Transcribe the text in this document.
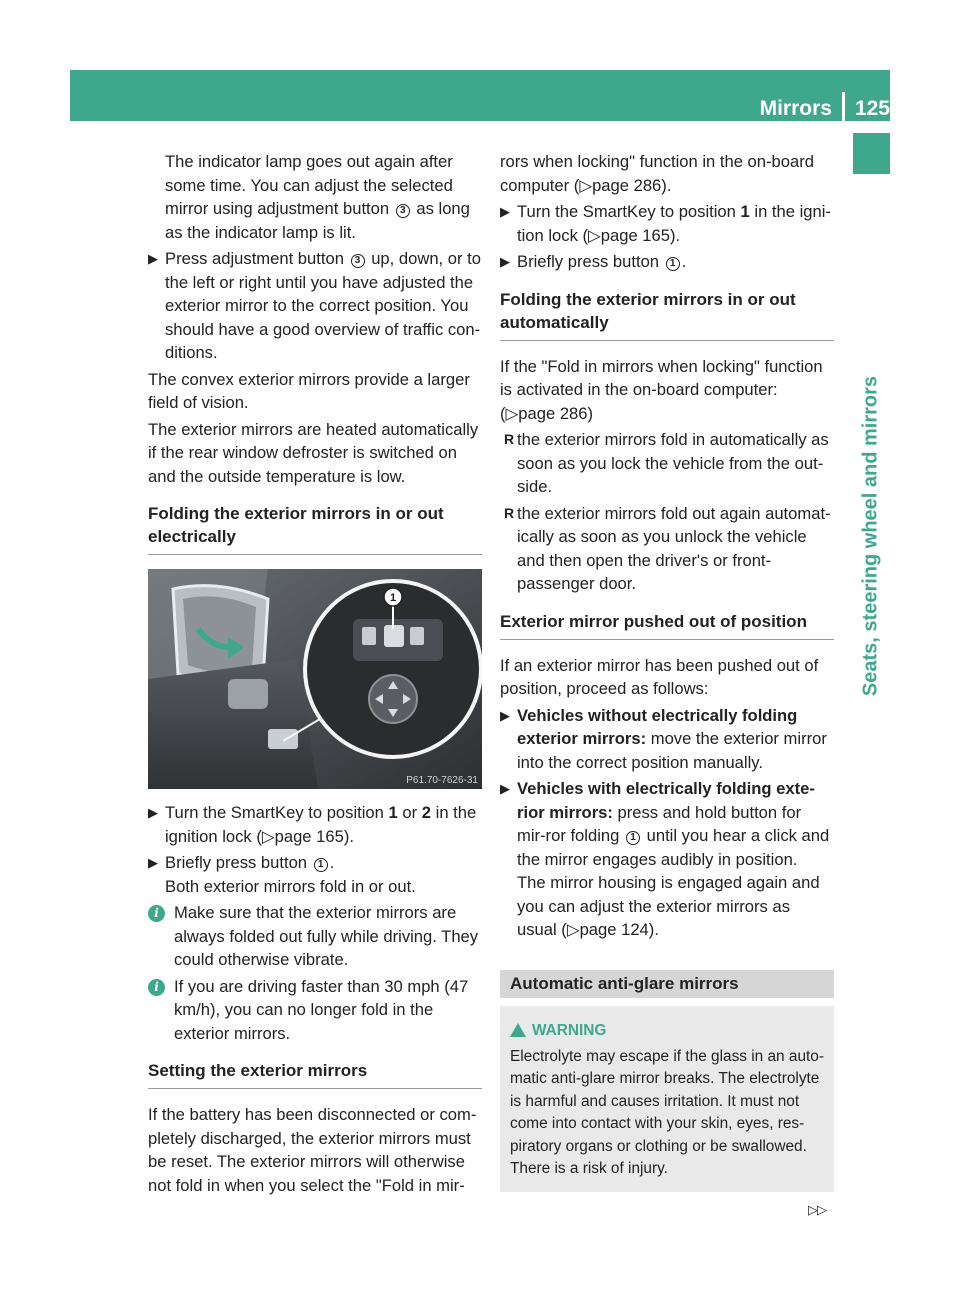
Mirrors 125
Seats, steering wheel and mirrors

The indicator lamp goes out again after some time. You can adjust the selected mirror using adjustment button 3 as long as the indicator lamp is lit.

▶ Press adjustment button 3 up, down, or to the left or right until you have adjusted the exterior mirror to the correct position. You should have a good overview of traffic con-ditions.

The convex exterior mirrors provide a larger field of vision.

The exterior mirrors are heated automatically if the rear window defroster is switched on and the outside temperature is low.

Folding the exterior mirrors in or out electrically
1
P61.70-7626-31
▶ Turn the SmartKey to position 1 or 2 in the ignition lock (▷page 165).
▶ Briefly press button 1 .
Both exterior mirrors fold in or out.
i Make sure that the exterior mirrors are always folded out fully while driving. They could otherwise vibrate.
i If you are driving faster than 30 mph (47 km/h), you can no longer fold in the exterior mirrors.
Setting the exterior mirrors

If the battery has been disconnected or com-pletely discharged, the exterior mirrors must be reset. The exterior mirrors will otherwise not fold in when you select the "Fold in mir-

rors when locking" function in the on-board computer (▷page 286).

▶ Turn the SmartKey to position 1 in the igni-tion lock (▷page 165).
▶ Briefly press button 1 .
Folding the exterior mirrors in or out automatically

If the "Fold in mirrors when locking" function is activated in the on-board computer:
(▷page 286)

R the exterior mirrors fold in automatically as soon as you lock the vehicle from the out-side.
R the exterior mirrors fold out again automat-ically as soon as you unlock the vehicle and then open the driver's or front-passenger door.
Exterior mirror pushed out of position

If an exterior mirror has been pushed out of position, proceed as follows:

▶ Vehicles without electrically folding exterior mirrors: move the exterior mirror into the correct position manually.
▶ Vehicles with electrically folding exte-rior mirrors: press and hold button for mir-ror folding 1 until you hear a click and the mirror engages audibly in position.
The mirror housing is engaged again and you can adjust the exterior mirrors as usual (▷page 124).
Automatic anti-glare mirrors
WARNING
Electrolyte may escape if the glass in an auto-matic anti-glare mirror breaks. The electrolyte is harmful and causes irritation. It must not come into contact with your skin, eyes, res-piratory organs or clothing or be swallowed. There is a risk of injury.
▷▷
